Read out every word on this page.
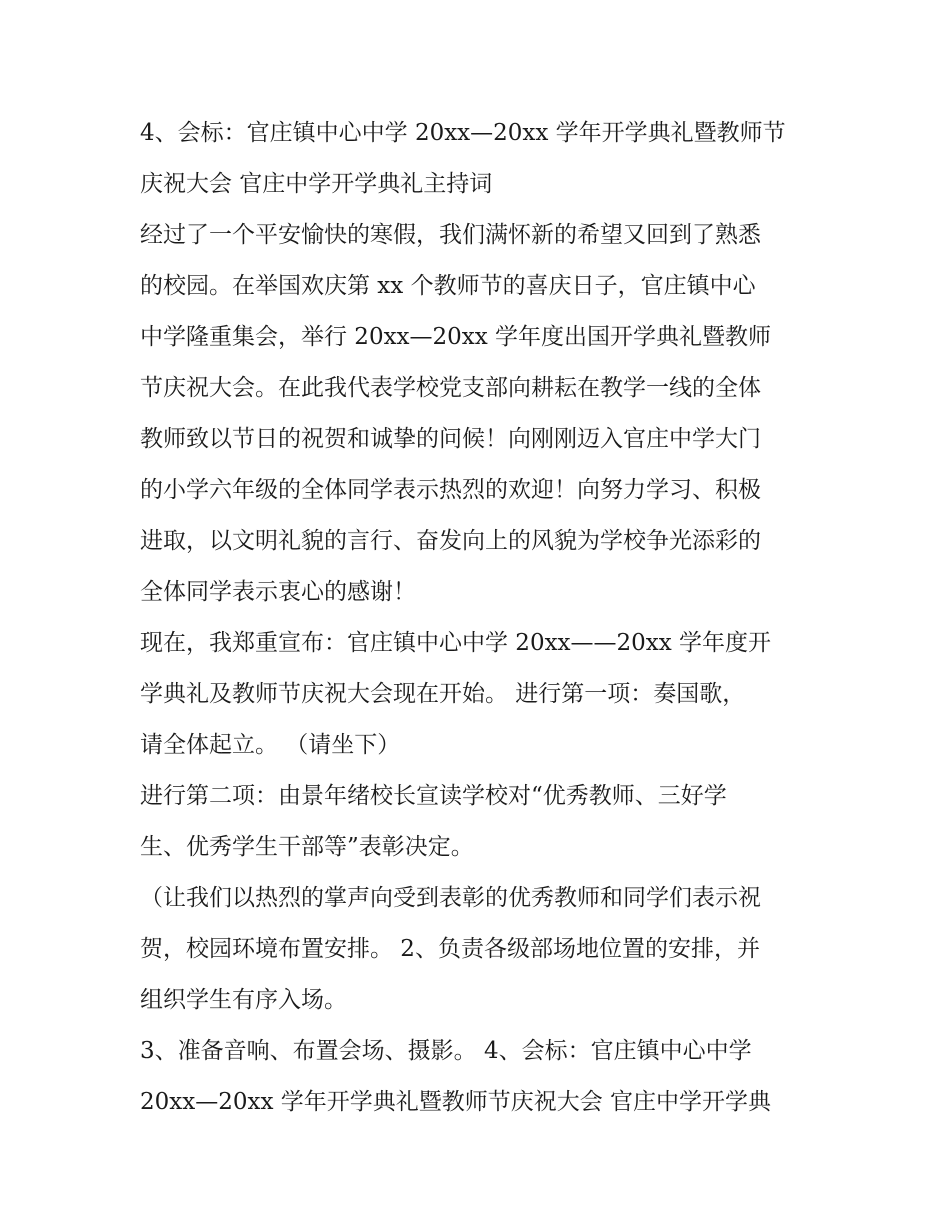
4、会标：官庄镇中心中学 20xx—20xx 学年开学典礼暨教师节
庆祝大会 官庄中学开学典礼主持词
经过了一个平安愉快的寒假，我们满怀新的希望又回到了熟悉
的校园。在举国欢庆第 xx 个教师节的喜庆日子，官庄镇中心
中学隆重集会，举行 20xx—20xx 学年度出国开学典礼暨教师
节庆祝大会。在此我代表学校党支部向耕耘在教学一线的全体
教师致以节日的祝贺和诚挚的问候！向刚刚迈入官庄中学大门
的小学六年级的全体同学表示热烈的欢迎！向努力学习、积极
进取，以文明礼貌的言行、奋发向上的风貌为学校争光添彩的
全体同学表示衷心的感谢！
现在，我郑重宣布：官庄镇中心中学 20xx——20xx 学年度开
学典礼及教师节庆祝大会现在开始。 进行第一项：奏国歌，
请全体起立。 （请坐下）
进行第二项：由景年绪校长宣读学校对“优秀教师、三好学
生、优秀学生干部等”表彰决定。
（让我们以热烈的掌声向受到表彰的优秀教师和同学们表示祝
贺，校园环境布置安排。 2、负责各级部场地位置的安排，并
组织学生有序入场。
3、准备音响、布置会场、摄影。 4、会标：官庄镇中心中学
20xx—20xx 学年开学典礼暨教师节庆祝大会 官庄中学开学典
